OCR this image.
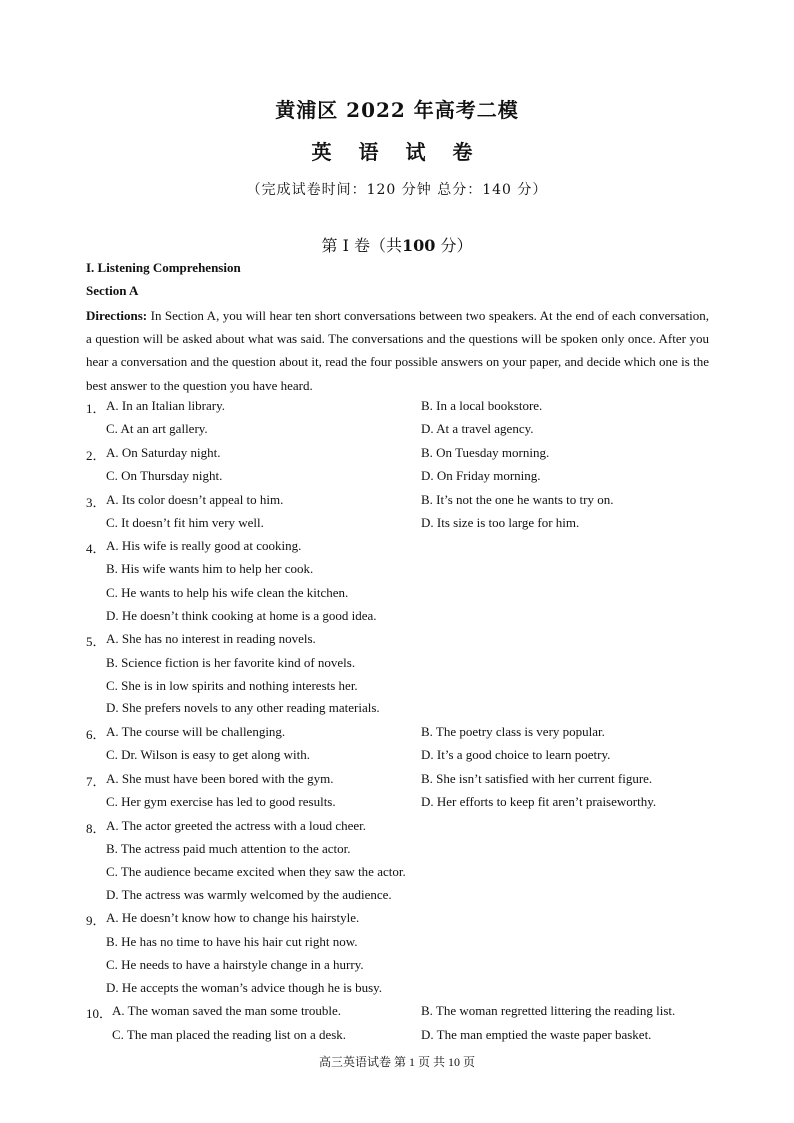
黄浦区 2022 年高考二模
英 语 试 卷
（完成试卷时间：120 分钟 总分：140 分）
第 I 卷（共100 分）
I. Listening Comprehension
Section A
Directions: In Section A, you will hear ten short conversations between two speakers. At the end of each conversation, a question will be asked about what was said. The conversations and the questions will be spoken only once. After you hear a conversation and the question about it, read the four possible answers on your paper, and decide which one is the best answer to the question you have heard.
1． A. In an Italian library.	B. In a local bookstore.
C. At an art gallery.	D. At a travel agency.
2． A. On Saturday night.	B. On Tuesday morning.
C. On Thursday night.	D. On Friday morning.
3． A. Its color doesn’t appeal to him.	B. It’s not the one he wants to try on.
C. It doesn’t fit him very well.	D. Its size is too large for him.
4． A. His wife is really good at cooking.
B. His wife wants him to help her cook.
C. He wants to help his wife clean the kitchen.
D. He doesn’t think cooking at home is a good idea.
5． A. She has no interest in reading novels.
B. Science fiction is her favorite kind of novels.
C. She is in low spirits and nothing interests her.
D. She prefers novels to any other reading materials.
6． A. The course will be challenging.	B. The poetry class is very popular.
C. Dr. Wilson is easy to get along with.	D. It’s a good choice to learn poetry.
7． A. She must have been bored with the gym.	B. She isn’t satisfied with her current figure.
C. Her gym exercise has led to good results.	D. Her efforts to keep fit aren’t praiseworthy.
8． A. The actor greeted the actress with a loud cheer.
B. The actress paid much attention to the actor.
C. The audience became excited when they saw the actor.
D. The actress was warmly welcomed by the audience.
9． A. He doesn’t know how to change his hairstyle.
B. He has no time to have his hair cut right now.
C. He needs to have a hairstyle change in a hurry.
D. He accepts the woman’s advice though he is busy.
10． A. The woman saved the man some trouble.	B. The woman regretted littering the reading list.
C. The man placed the reading list on a desk.	D. The man emptied the waste paper basket.
高三英语试卷 第 1 页 共 10 页
